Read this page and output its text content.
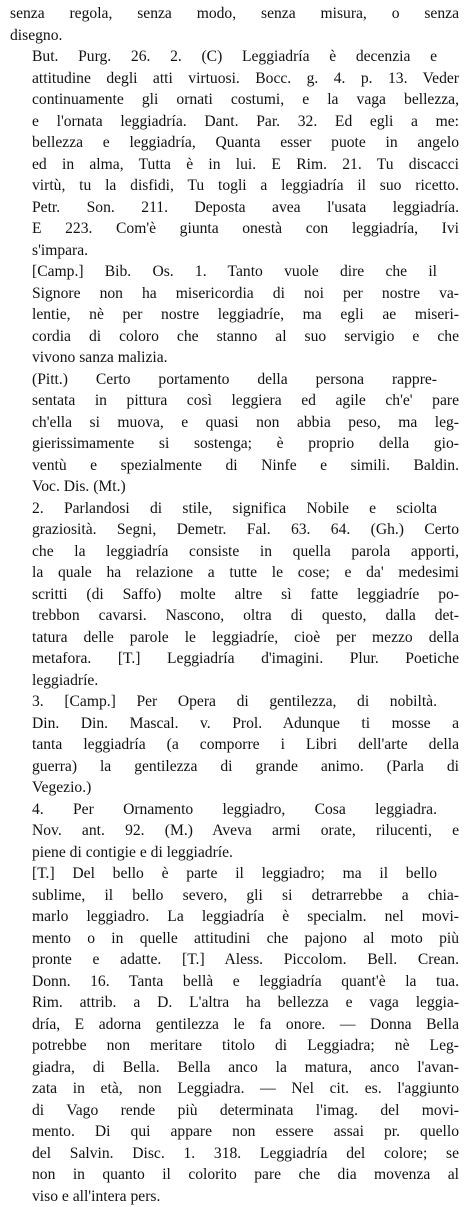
senza regola, senza modo, senza misura, o senza
disegno.
But. Purg. 26. 2. (C) Leggiadría è decenzia e
attitudine degli atti virtuosi. Bocc. g. 4. p. 13. Veder
continuamente gli ornati costumi, e la vaga bellezza,
e l'ornata leggiadría. Dant. Par. 32. Ed egli a me:
bellezza e leggiadría, Quanta esser puote in angelo
ed in alma, Tutta è in lui. E Rim. 21. Tu discacci
virtù, tu la disfidi, Tu togli a leggiadría il suo ricetto.
Petr. Son. 211. Deposta avea l'usata leggiadría.
E 223. Com'è giunta onestà con leggiadría, Ivi
s'impara.
[Camp.] Bib. Os. 1. Tanto vuole dire che il
Signore non ha misericordia di noi per nostre va-
lentie, nè per nostre leggiadríe, ma egli ae miseri-
cordia di coloro che stanno al suo servigio e che
vivono sanza malizia.
(Pitt.) Certo portamento della persona rappre-
sentata in pittura così leggiera ed agile ch'e' pare
ch'ella si muova, e quasi non abbia peso, ma leg-
gierissimamente si sostenga; è proprio della gio-
ventù e spezialmente di Ninfe e simili. Baldin.
Voc. Dis. (Mt.)
2. Parlandosi di stile, significa Nobile e sciolta
graziosità. Segni, Demetr. Fal. 63. 64. (Gh.) Certo
che la leggiadría consiste in quella parola apporti,
la quale ha relazione a tutte le cose; e da' medesimi
scritti (di Saffo) molte altre sì fatte leggiadríe po-
trebbon cavarsi. Nascono, oltra di questo, dalla det-
tatura delle parole le leggiadríe, cioè per mezzo della
metafora. [T.] Leggiadría d'imagini. Plur. Poetiche
leggiadríe.
3. [Camp.] Per Opera di gentilezza, di nobiltà.
Din. Din. Mascal. v. Prol. Adunque ti mosse a
tanta leggiadría (a comporre i Libri dell'arte della
guerra) la gentilezza di grande animo. (Parla di
Vegezio.)
4. Per Ornamento leggiadro, Cosa leggiadra.
Nov. ant. 92. (M.) Aveva armi orate, rilucenti, e
piene di contigie e di leggiadríe.
[T.] Del bello è parte il leggiadro; ma il bello
sublime, il bello severo, gli si detrarrebbe a chia-
marlo leggiadro. La leggiadría è specialm. nel movi-
mento o in quelle attitudini che pajono al moto più
pronte e adatte. [T.] Aless. Piccolom. Bell. Crean.
Donn. 16. Tanta bellà e leggiadría quant'è la tua.
Rim. attrib. a D. L'altra ha bellezza e vaga leggia-
dría, E adorna gentilezza le fa onore. — Donna Bella
potrebbe non meritare titolo di Leggiadra; nè Leg-
giadra, di Bella. Bella anco la matura, anco l'avan-
zata in età, non Leggiadra. — Nel cit. es. l'aggiunto
di Vago rende più determinata l'imag. del movi-
mento. Di qui appare non essere assai pr. quello
del Salvin. Disc. 1. 318. Leggiadría del colore; se
non in quanto il colorito pare che dia movenza al
viso e all'intera pers.
